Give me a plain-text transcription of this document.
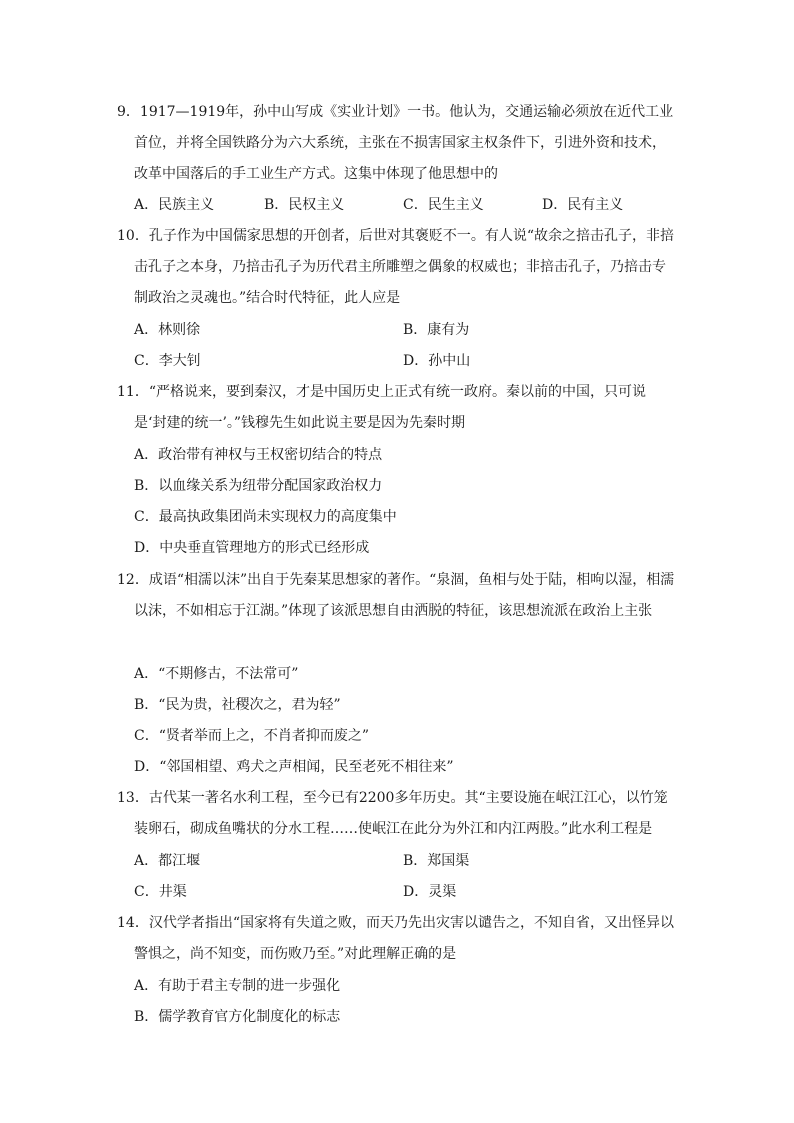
9．1917—1919年，孙中山写成《实业计划》一书。他认为，交通运输必须放在近代工业首位，并将全国铁路分为六大系统，主张在不损害国家主权条件下，引进外资和技术，改革中国落后的手工业生产方式。这集中体现了他思想中的

A．民族主义	B．民权主义	C．民生主义	D．民有主义

10．孔子作为中国儒家思想的开创者，后世对其褒贬不一。有人说“故余之掊击孔子，非掊击孔子之本身，乃掊击孔子为历代君主所雕塑之偶象的权威也；非掊击孔子，乃掊击专制政治之灵魂也。”结合时代特征，此人应是

A．林则徐	B．康有为
C．李大钊	D．孙中山

11．“严格说来，要到秦汉，才是中国历史上正式有统一政府。秦以前的中国，只可说是‘封建的统一’。”钱穆先生如此说主要是因为先秦时期

A．政治带有神权与王权密切结合的特点
B．以血缘关系为纽带分配国家政治权力
C．最高执政集团尚未实现权力的高度集中
D．中央垂直管理地方的形式已经形成

12．成语“相濡以沫”出自于先秦某思想家的著作。“泉涸，鱼相与处于陆，相呴以湿，相濡以沫，不如相忘于江湖。”体现了该派思想自由洒脱的特征，该思想流派在政治上主张

A．“不期修古，不法常可”
B．“民为贵，社稷次之，君为轻”
C．“贤者举而上之，不肖者抑而废之”
D．“邻国相望、鸡犬之声相闻，民至老死不相往来”

13．古代某一著名水利工程，至今已有2200多年历史。其“主要设施在岷江江心，以竹笼装卵石，砌成鱼嘴状的分水工程……使岷江在此分为外江和内江两股。”此水利工程是

A．都江堰	B．郑国渠
C．井渠	D．灵渠

14．汉代学者指出“国家将有失道之败，而天乃先出灾害以谴告之，不知自省，又出怪异以警惧之，尚不知变，而伤败乃至。”对此理解正确的是

A．有助于君主专制的进一步强化
B．儒学教育官方化制度化的标志
